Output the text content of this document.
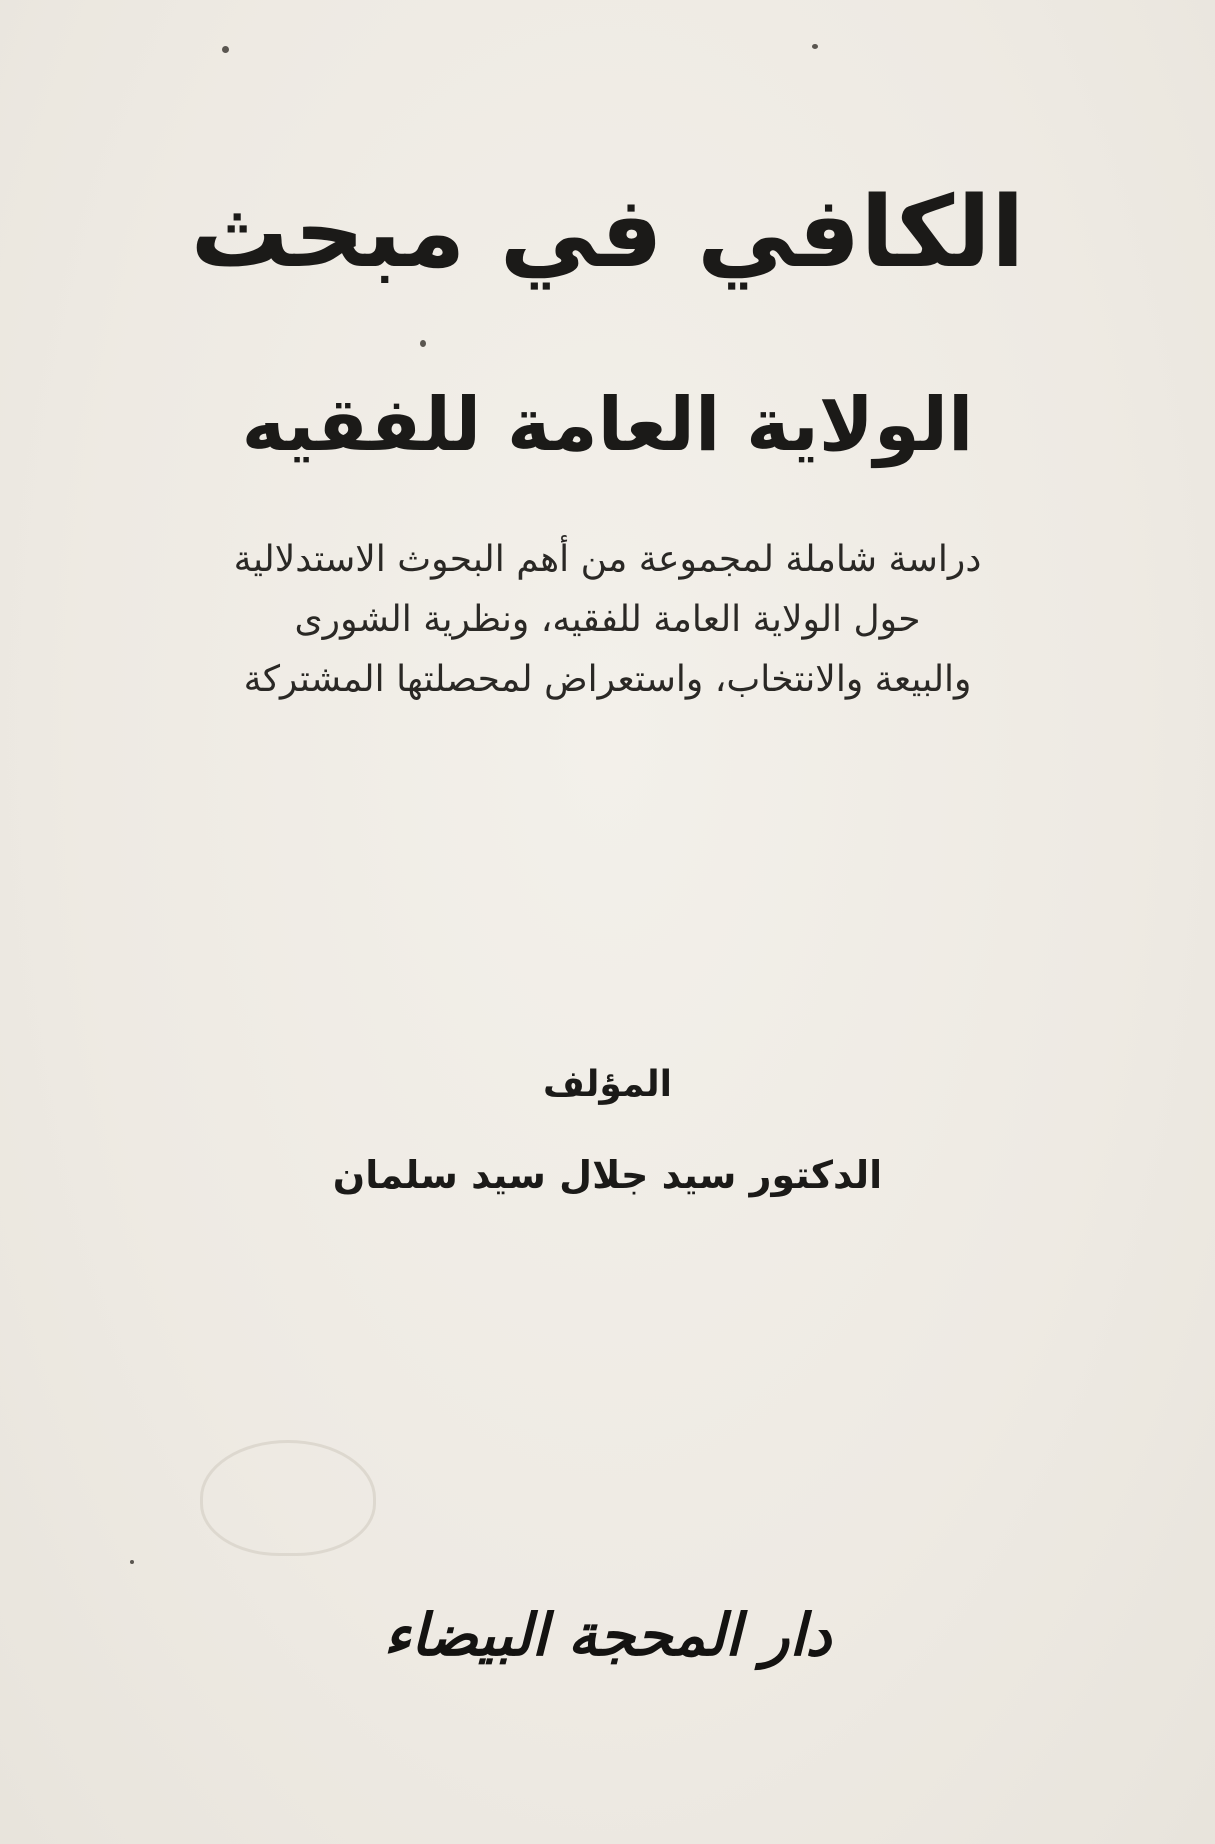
الكافي في مبحث
الولاية العامة للفقيه
دراسة شاملة لمجموعة من أهم البحوث الاستدلالية
حول الولاية العامة للفقيه، ونظرية الشورى
والبيعة والانتخاب، واستعراض لمحصلتها المشتركة
المؤلف
الدكتور سيد جلال سيد سلمان
دار المحجة البيضاء
